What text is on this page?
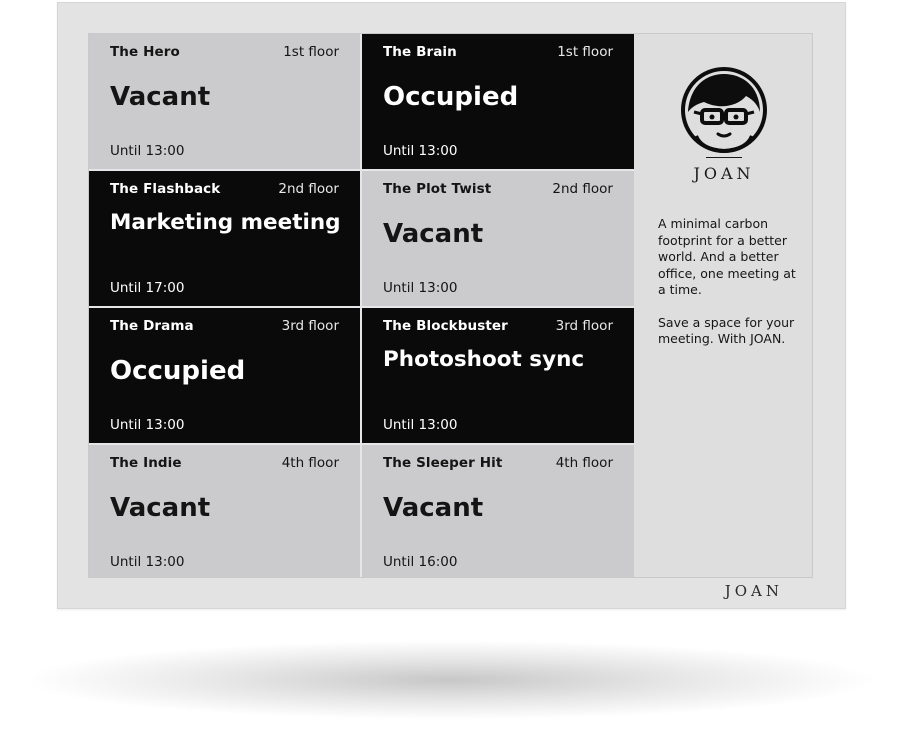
JOAN
The Hero	1st floor
Vacant
Until 13:00
The Brain	1st floor
Occupied
Until 13:00
The Flashback	2nd floor
Marketing meeting
Until 17:00
The Plot Twist	2nd floor
Vacant
Until 13:00
The Drama	3rd floor
Occupied
Until 13:00
The Blockbuster	3rd floor
Photoshoot sync
Until 13:00
The Indie	4th floor
Vacant
Until 13:00
The Sleeper Hit	4th floor
Vacant
Until 16:00
JOAN

A minimal carbon footprint for a better world. And a better office, one meeting at a time.

Save a space for your meeting. With JOAN.
